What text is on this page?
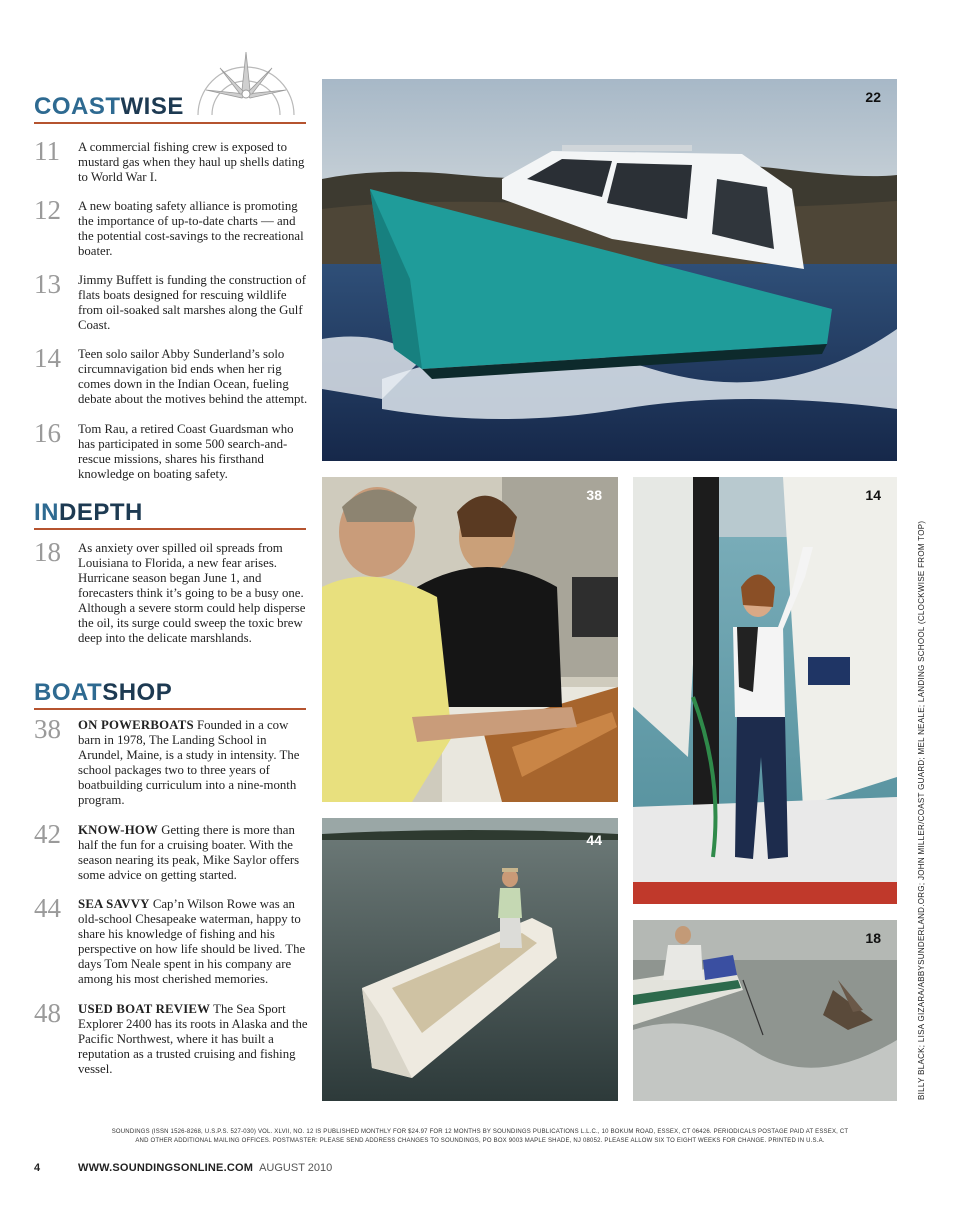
COASTWISE
11	A commercial fishing crew is exposed to mustard gas when they haul up shells dating to World War I.
12	A new boating safety alliance is promoting the importance of up-to-date charts — and the potential cost-savings to the recreational boater.
13	Jimmy Buffett is funding the construction of flats boats designed for rescuing wildlife from oil-soaked salt marshes along the Gulf Coast.
14	Teen solo sailor Abby Sunderland’s solo circumnavigation bid ends when her rig comes down in the Indian Ocean, fueling debate about the motives behind the attempt.
16	Tom Rau, a retired Coast Guardsman who has participated in some 500 search-and-rescue missions, shares his firsthand knowledge on boating safety.
INDEPTH
18	As anxiety over spilled oil spreads from Louisiana to Florida, a new fear arises. Hurricane season began June 1, and forecasters think it’s going to be a busy one. Although a severe storm could help disperse the oil, its surge could sweep the toxic brew deep into the delicate marshlands.
BOATSHOP
38	ON POWERBOATS Founded in a cow barn in 1978, The Landing School in Arundel, Maine, is a study in intensity. The school packages two to three years of boatbuilding curriculum into a nine-month program.
42	KNOW-HOW Getting there is more than half the fun for a cruising boater. With the season nearing its peak, Mike Saylor offers some advice on getting started.
44	SEA SAVVY Cap’n Wilson Rowe was an old-school Chesapeake waterman, happy to share his knowledge of fishing and his perspective on how life should be lived. The days Tom Neale spent in his company are among his most cherished memories.
48	USED BOAT REVIEW The Sea Sport Explorer 2400 has its roots in Alaska and the Pacific Northwest, where it has built a reputation as a trusted cruising and fishing vessel.
22
38	14
44
18	BILLY BLACK; LISA GIZARA/ABBYSUNDERLAND.ORG; JOHN MILLER/COAST GUARD; MEL NEALE; LANDING SCHOOL (CLOCKWISE FROM TOP)
SOUNDINGS (ISSN 1526-8268, U.S.P.S. 527-030) VOL. XLVII, NO. 12 IS PUBLISHED MONTHLY FOR $24.97 FOR 12 MONTHS BY SOUNDINGS PUBLICATIONS L.L.C., 10 BOKUM ROAD, ESSEX, CT 06426. PERIODICALS POSTAGE PAID AT ESSEX, CT
AND OTHER ADDITIONAL MAILING OFFICES. POSTMASTER: PLEASE SEND ADDRESS CHANGES TO SOUNDINGS, PO BOX 9003 MAPLE SHADE, NJ 08052. PLEASE ALLOW SIX TO EIGHT WEEKS FOR CHANGE. PRINTED IN U.S.A.
4	WWW.SOUNDINGSONLINE.COM AUGUST 2010
